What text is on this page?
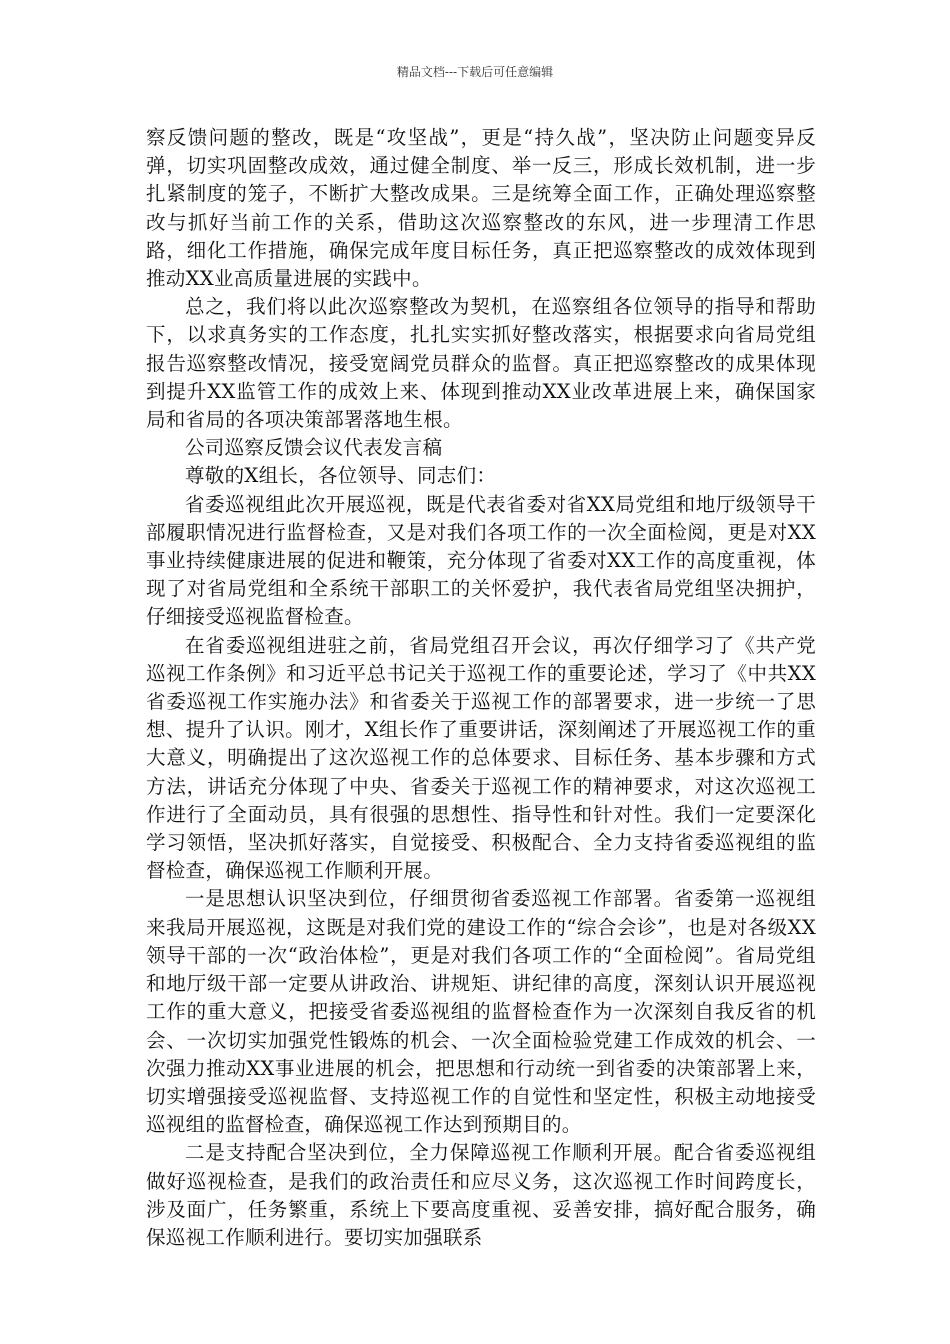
精品文档---下载后可任意编辑

察反馈问题的整改，既是“攻坚战”，更是“持久战”，坚决防止问题变异反弹，切实巩固整改成效，通过健全制度、举一反三，形成长效机制，进一步扎紧制度的笼子，不断扩大整改成果。三是统筹全面工作，正确处理巡察整改与抓好当前工作的关系，借助这次巡察整改的东风，进一步理清工作思路，细化工作措施，确保完成年度目标任务，真正把巡察整改的成效体现到推动XX业高质量进展的实践中。

总之，我们将以此次巡察整改为契机，在巡察组各位领导的指导和帮助下，以求真务实的工作态度，扎扎实实抓好整改落实，根据要求向省局党组报告巡察整改情况，接受宽阔党员群众的监督。真正把巡察整改的成果体现到提升XX监管工作的成效上来、体现到推动XX业改革进展上来，确保国家局和省局的各项决策部署落地生根。

公司巡察反馈会议代表发言稿

尊敬的X组长，各位领导、同志们：

省委巡视组此次开展巡视，既是代表省委对省XX局党组和地厅级领导干部履职情况进行监督检查，又是对我们各项工作的一次全面检阅，更是对XX事业持续健康进展的促进和鞭策，充分体现了省委对XX工作的高度重视，体现了对省局党组和全系统干部职工的关怀爱护，我代表省局党组坚决拥护，仔细接受巡视监督检查。

在省委巡视组进驻之前，省局党组召开会议，再次仔细学习了《共产党巡视工作条例》和习近平总书记关于巡视工作的重要论述，学习了《中共XX省委巡视工作实施办法》和省委关于巡视工作的部署要求，进一步统一了思想、提升了认识。刚才，X组长作了重要讲话，深刻阐述了开展巡视工作的重大意义，明确提出了这次巡视工作的总体要求、目标任务、基本步骤和方式方法，讲话充分体现了中央、省委关于巡视工作的精神要求，对这次巡视工作进行了全面动员，具有很强的思想性、指导性和针对性。我们一定要深化学习领悟，坚决抓好落实，自觉接受、积极配合、全力支持省委巡视组的监督检查，确保巡视工作顺利开展。

一是思想认识坚决到位，仔细贯彻省委巡视工作部署。省委第一巡视组来我局开展巡视，这既是对我们党的建设工作的“综合会诊”，也是对各级XX领导干部的一次“政治体检”，更是对我们各项工作的“全面检阅”。省局党组和地厅级干部一定要从讲政治、讲规矩、讲纪律的高度，深刻认识开展巡视工作的重大意义，把接受省委巡视组的监督检查作为一次深刻自我反省的机会、一次切实加强党性锻炼的机会、一次全面检验党建工作成效的机会、一次强力推动XX事业进展的机会，把思想和行动统一到省委的决策部署上来，切实增强接受巡视监督、支持巡视工作的自觉性和坚定性，积极主动地接受巡视组的监督检查，确保巡视工作达到预期目的。

二是支持配合坚决到位，全力保障巡视工作顺利开展。配合省委巡视组做好巡视检查，是我们的政治责任和应尽义务，这次巡视工作时间跨度长，涉及面广，任务繁重，系统上下要高度重视、妥善安排，搞好配合服务，确保巡视工作顺利进行。要切实加强联系
